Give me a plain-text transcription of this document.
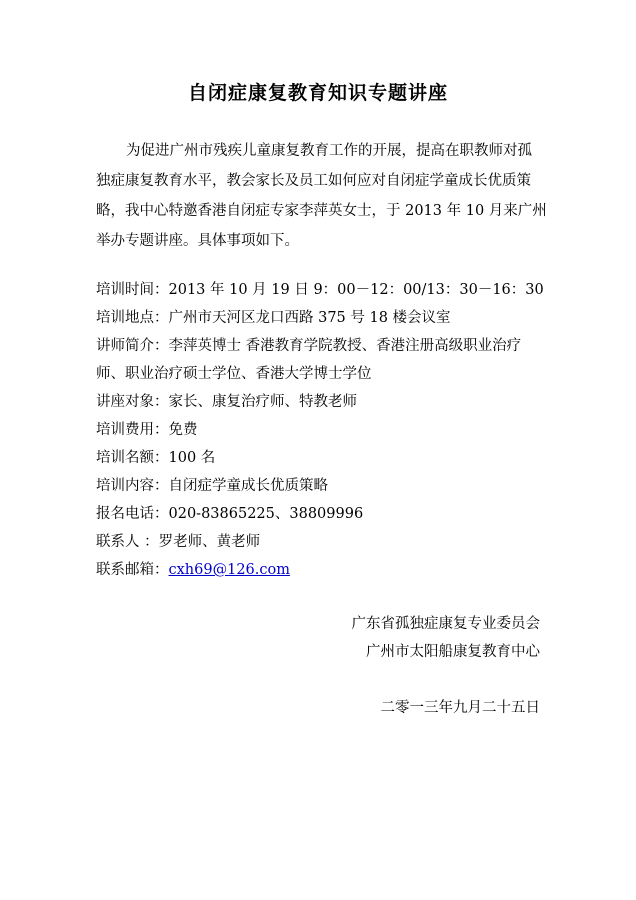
自闭症康复教育知识专题讲座
为促进广州市残疾儿童康复教育工作的开展，提高在职教师对孤
独症康复教育水平，教会家长及员工如何应对自闭症学童成长优质策
略，我中心特邀香港自闭症专家李萍英女士，于 2013 年 10 月来广州
举办专题讲座。具体事项如下。
培训时间：2013 年 10 月 19 日 9：00－12：00/13：30－16：30
培训地点：广州市天河区龙口西路 375 号 18 楼会议室
讲师简介：李萍英博士 香港教育学院教授、香港注册高级职业治疗师、职业治疗硕士学位、香港大学博士学位
讲座对象：家长、康复治疗师、特教老师
培训费用：免费
培训名额：100 名
培训内容：自闭症学童成长优质策略
报名电话：020-83865225、38809996
联系人 ：罗老师、黄老师
联系邮箱：cxh69@126.com
广东省孤独症康复专业委员会
广州市太阳船康复教育中心
二零一三年九月二十五日
